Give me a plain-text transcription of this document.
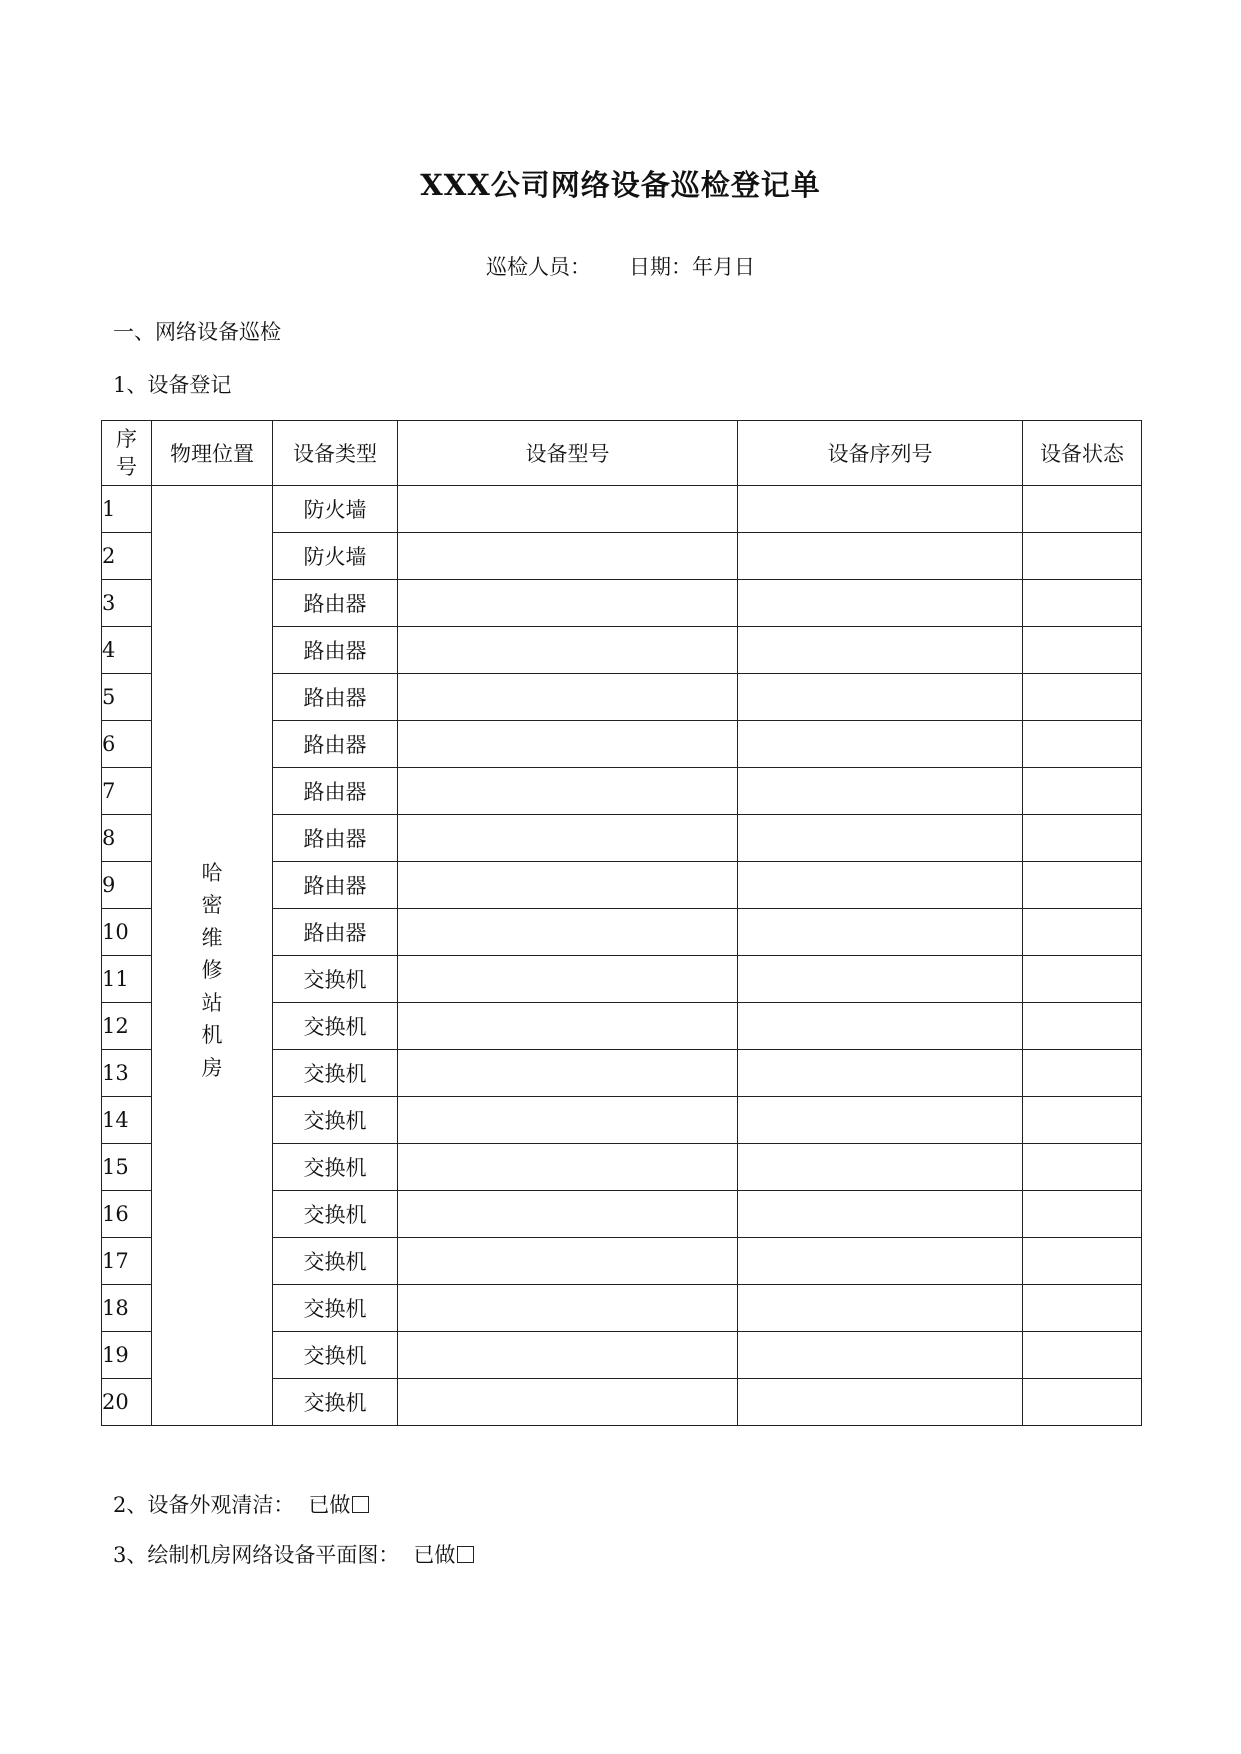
XXX公司网络设备巡检登记单
巡检人员： 日期：年月日
一、网络设备巡检
1、设备登记
序号	物理位置	设备类型	设备型号	设备序列号	设备状态
1	哈密维修站机房	防火墙			
2		防火墙			
3		路由器			
4		路由器			
5		路由器			
6		路由器			
7		路由器			
8		路由器			
9		路由器			
10		路由器			
11		交换机			
12		交换机			
13		交换机			
14		交换机			
15		交换机			
16		交换机			
17		交换机			
18		交换机			
19		交换机			
20		交换机			
2、设备外观清洁： 已做
3、绘制机房网络设备平面图： 已做
